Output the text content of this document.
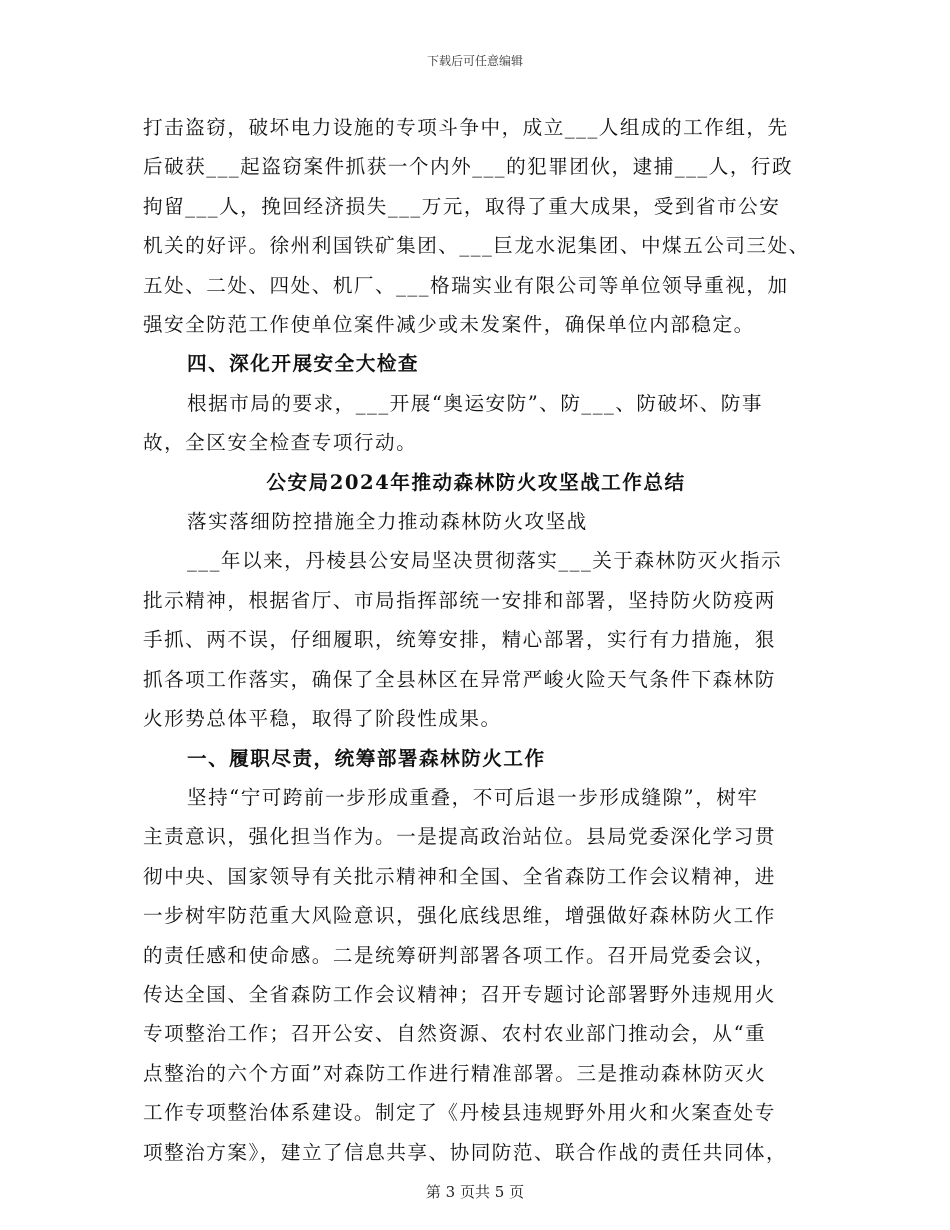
下载后可任意编辑

打击盗窃，破坏电力设施的专项斗争中，成立___人组成的工作组，先

后破获___起盗窃案件抓获一个内外___的犯罪团伙，逮捕___人，行政

拘留___人，挽回经济损失___万元，取得了重大成果，受到省市公安

机关的好评。徐州利国铁矿集团、___巨龙水泥集团、中煤五公司三处、

五处、二处、四处、机厂、___格瑞实业有限公司等单位领导重视，加

强安全防范工作使单位案件减少或未发案件，确保单位内部稳定。

四、深化开展安全大检查

根据市局的要求，___开展“奥运安防”、防___、防破坏、防事

故，全区安全检查专项行动。

公安局2024年推动森林防火攻坚战工作总结

落实落细防控措施全力推动森林防火攻坚战

___年以来，丹棱县公安局坚决贯彻落实___关于森林防灭火指示

批示精神，根据省厅、市局指挥部统一安排和部署，坚持防火防疫两

手抓、两不误，仔细履职，统筹安排，精心部署，实行有力措施，狠

抓各项工作落实，确保了全县林区在异常严峻火险天气条件下森林防

火形势总体平稳，取得了阶段性成果。

一、履职尽责，统筹部署森林防火工作

坚持“宁可跨前一步形成重叠，不可后退一步形成缝隙”，树牢

主责意识，强化担当作为。一是提高政治站位。县局党委深化学习贯

彻中央、国家领导有关批示精神和全国、全省森防工作会议精神，进

一步树牢防范重大风险意识，强化底线思维，增强做好森林防火工作

的责任感和使命感。二是统筹研判部署各项工作。召开局党委会议，

传达全国、全省森防工作会议精神；召开专题讨论部署野外违规用火

专项整治工作；召开公安、自然资源、农村农业部门推动会，从“重

点整治的六个方面”对森防工作进行精准部署。三是推动森林防灭火

工作专项整治体系建设。制定了《丹棱县违规野外用火和火案查处专

项整治方案》，建立了信息共享、协同防范、联合作战的责任共同体，

第 3 页共 5 页
